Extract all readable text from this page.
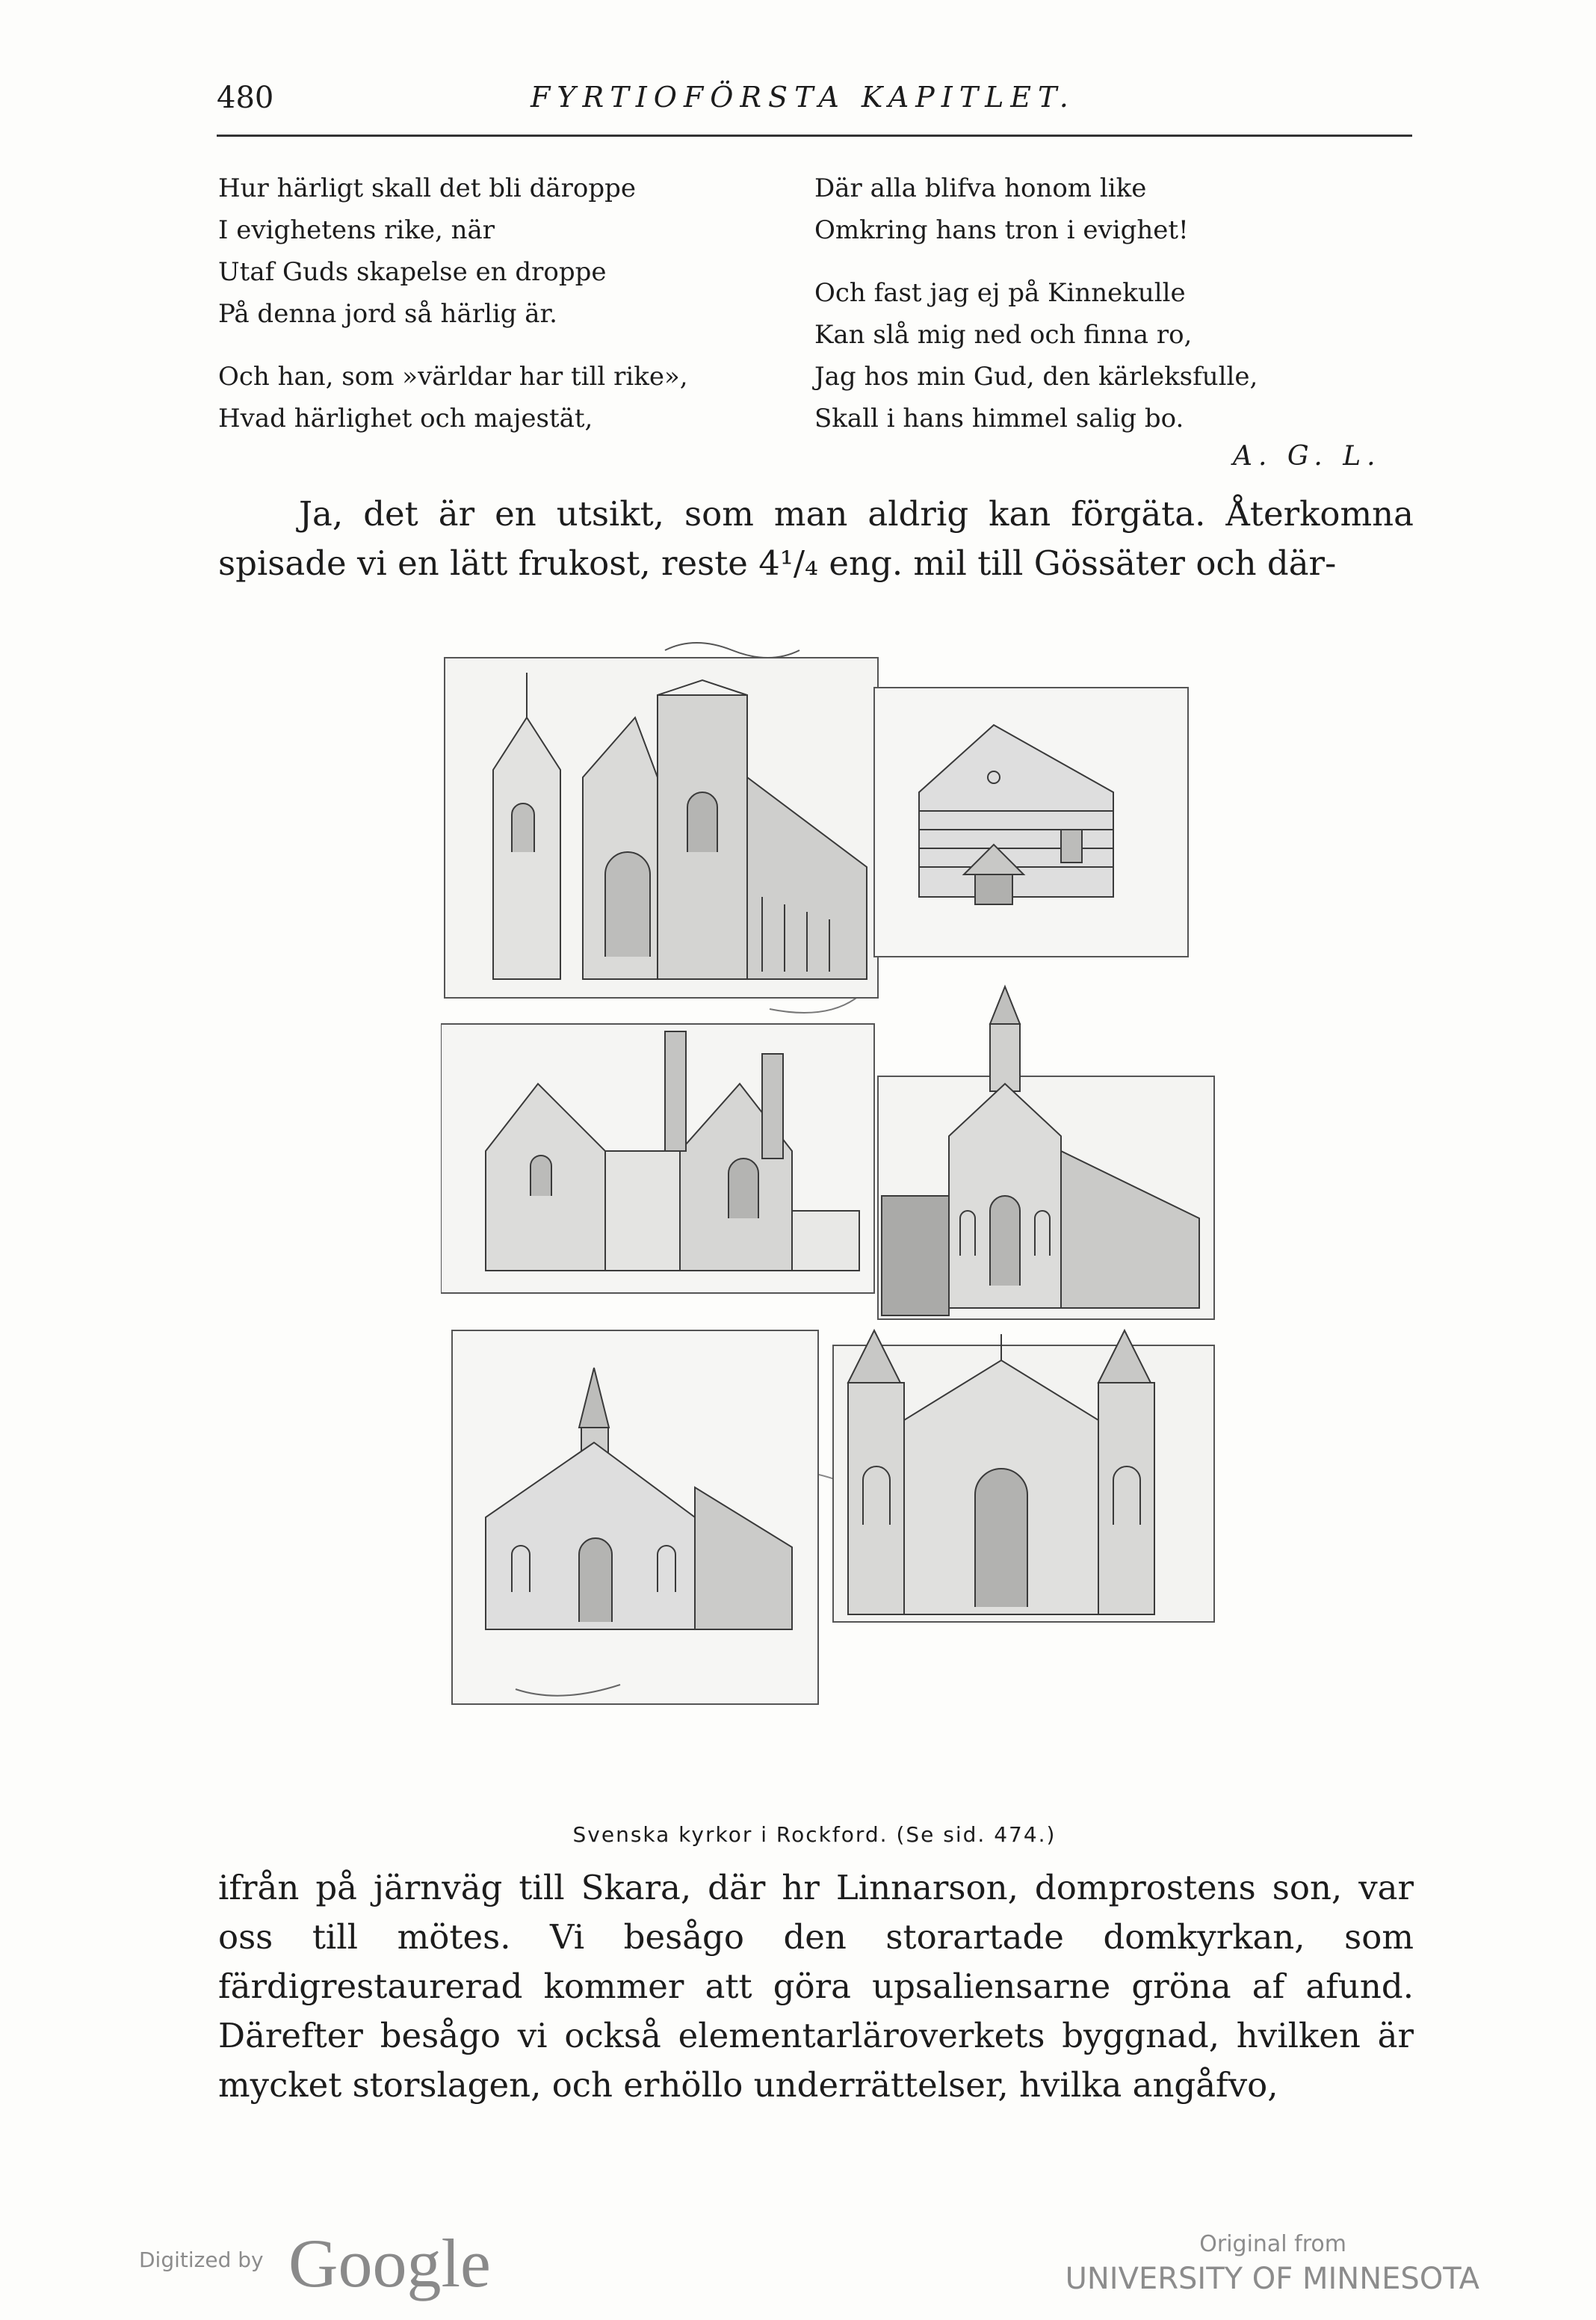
480	FYRTIOFÖRSTA KAPITLET.
Hur härligt skall det bli däroppe
I evighetens rike, när
Utaf Guds skapelse en droppe
På denna jord så härlig är.
Och han, som »världar har till rike»,
Hvad härlighet och majestät,
Där alla blifva honom like
Omkring hans tron i evighet!
Och fast jag ej på Kinnekulle
Kan slå mig ned och finna ro,
Jag hos min Gud, den kärleksfulle,
Skall i hans himmel salig bo.
A. G. L.

Ja, det är en utsikt, som man aldrig kan förgäta. Återkomna spisade vi en lätt frukost, reste 4¹/₄ eng. mil till Gössäter och där-

Svenska kyrkor i Rockford. (Se sid. 474.)

ifrån på järnväg till Skara, där hr Linnarson, domprostens son, var oss till mötes. Vi besågo den storartade domkyrkan, som färdigrestaurerad kommer att göra upsaliensarne gröna af afund. Därefter besågo vi också elementarläroverkets byggnad, hvilken är mycket storslagen, och erhöllo underrättelser, hvilka angåfvo,

Digitized by Google	Original from
UNIVERSITY OF MINNESOTA
